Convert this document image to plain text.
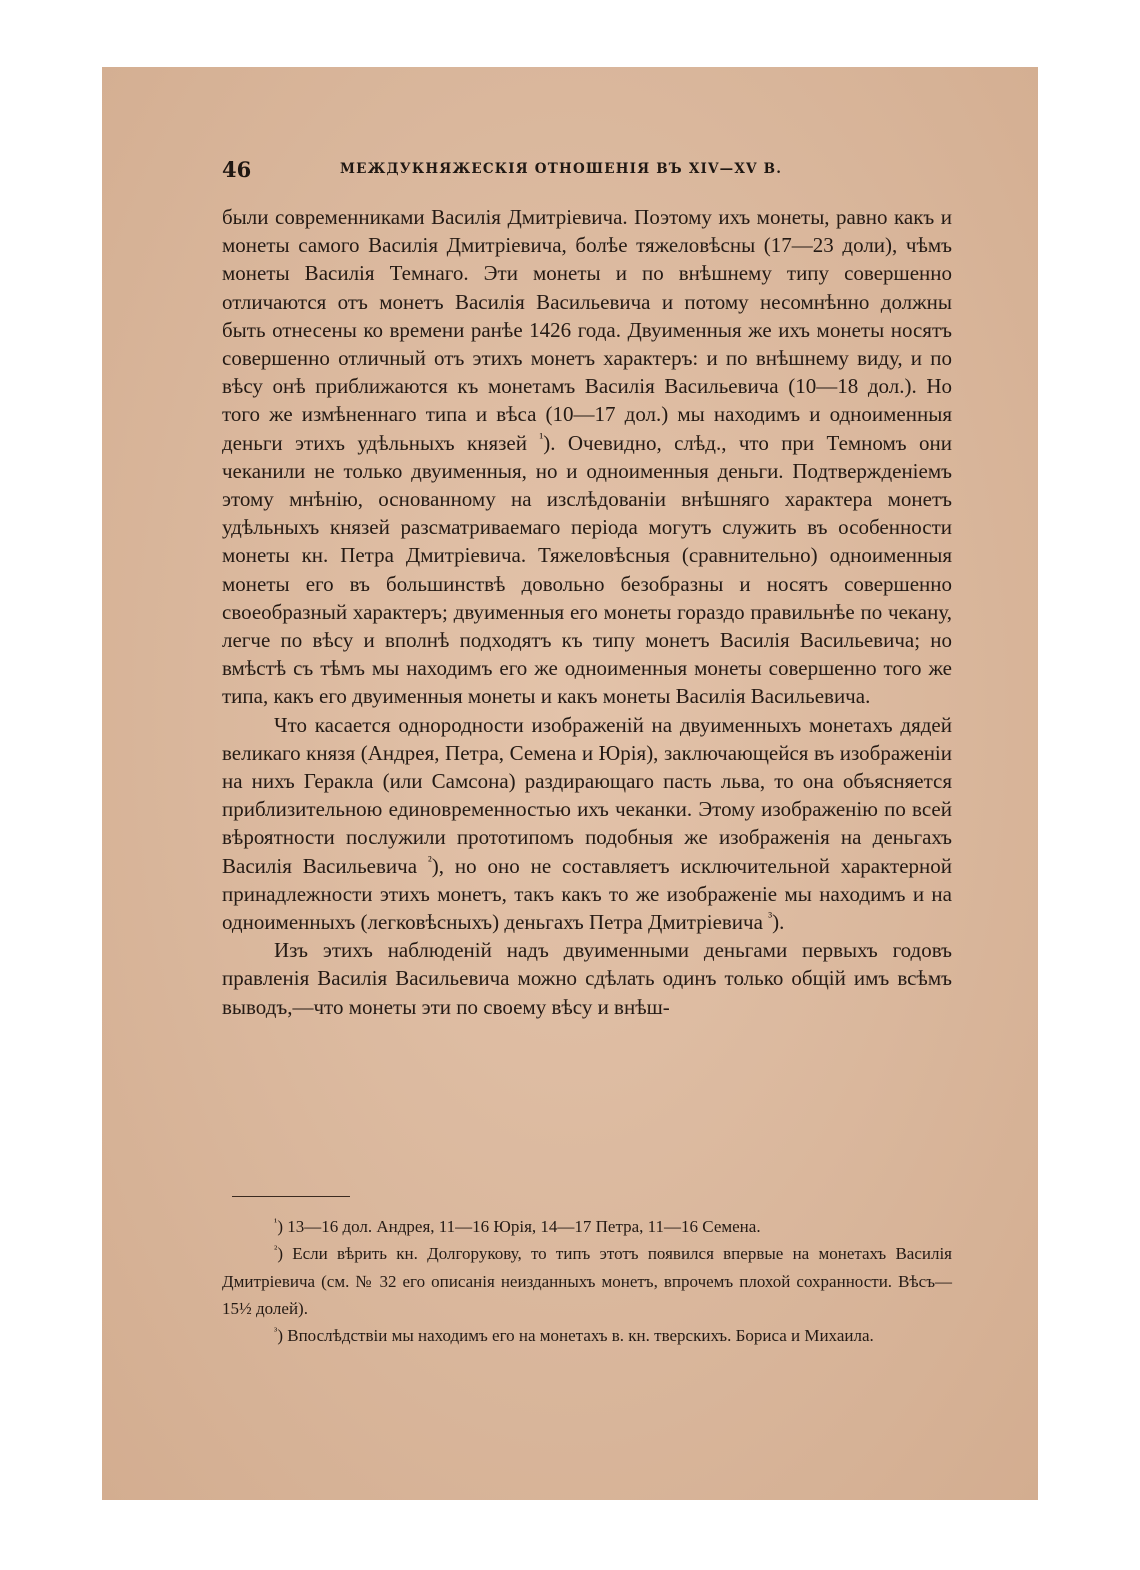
46	МЕЖДУКНЯЖЕСКІЯ ОТНОШЕНІЯ ВЪ XIV—XV В.

были современниками Василія Дмитріевича. Поэтому ихъ монеты, равно какъ и монеты самого Василія Дмитріевича, болѣе тяжеловѣсны (17—23 доли), чѣмъ монеты Василія Темнаго. Эти монеты и по внѣшнему типу совершенно отличаются отъ монетъ Василія Васильевича и потому несомнѣнно должны быть отнесены ко времени ранѣе 1426 года. Двуименныя же ихъ монеты носятъ совершенно отличный отъ этихъ монетъ характеръ: и по внѣшнему виду, и по вѣсу онѣ приближаются къ монетамъ Василія Васильевича (10—18 дол.). Но того же измѣненнаго типа и вѣса (10—17 дол.) мы находимъ и одноименныя деньги этихъ удѣльныхъ князей $^{^1}$). Очевидно, слѣд., что при Темномъ они чеканили не только двуименныя, но и одноименныя деньги. Подтвержденіемъ этому мнѣнію, основанному на изслѣдованіи внѣшняго характера монетъ удѣльныхъ князей разсматриваемаго періода могутъ служить въ особенности монеты кн. Петра Дмитріевича. Тяжеловѣсныя (сравнительно) одноименныя монеты его въ большинствѣ довольно безобразны и носятъ совершенно своеобразный характеръ; двуименныя его монеты гораздо правильнѣе по чекану, легче по вѣсу и вполнѣ подходятъ къ типу монетъ Василія Васильевича; но вмѣстѣ съ тѣмъ мы находимъ его же одноименныя монеты совершенно того же типа, какъ его двуименныя монеты и какъ монеты Василія Васильевича.

Что касается однородности изображеній на двуименныхъ монетахъ дядей великаго князя (Андрея, Петра, Семена и Юрія), заключающейся въ изображеніи на нихъ Геракла (или Самсона) раздирающаго пасть льва, то она объясняется приблизительною единовременностью ихъ чеканки. Этому изображенію по всей вѣроятности послужили прототипомъ подобныя же изображенія на деньгахъ Василія Васильевича $^{^2}$), но оно не составляетъ исключительной характерной принадлежности этихъ монетъ, такъ какъ то же изображеніе мы находимъ и на одноименныхъ (легковѣсныхъ) деньгахъ Петра Дмитріевича $^{^3}$).

Изъ этихъ наблюденій надъ двуименными деньгами первыхъ годовъ правленія Василія Васильевича можно сдѣлать одинъ только общій имъ всѣмъ выводъ,—что монеты эти по своему вѣсу и внѣш-

$^{^1}$) 13—16 дол. Андрея, 11—16 Юрія, 14—17 Петра, 11—16 Семена.

$^{^2}$) Если вѣрить кн. Долгорукову, то типъ этотъ появился впервые на монетахъ Василія Дмитріевича (см. № 32 его описанія неизданныхъ монетъ, впрочемъ плохой сохранности. Вѣсъ—15½ долей).

$^{^3}$) Впослѣдствіи мы находимъ его на монетахъ в. кн. тверскихъ. Бориса и Михаила.
